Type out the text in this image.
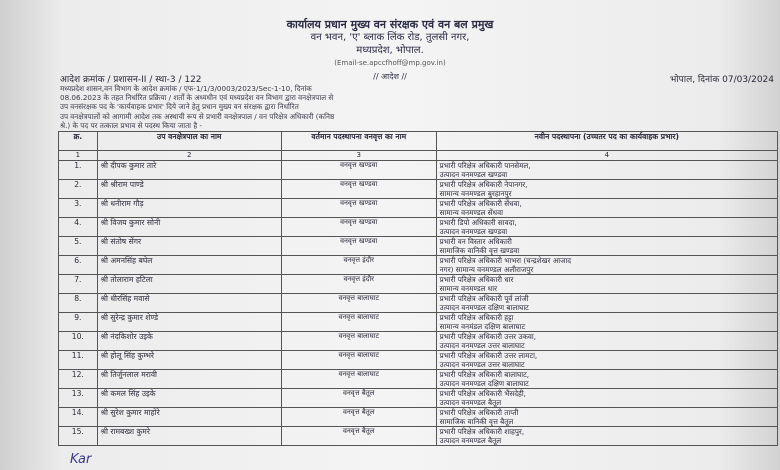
कार्यालय प्रधान मुख्य वन संरक्षक एवं वन बल प्रमुख
वन भवन, 'ए' ब्लाक लिंक रोड, तुलसी नगर,
मध्यप्रदेश, भोपाल.
(Email-se.apccfhoff@mp.gov.in)
// आदेश //
आदेश क्रमांक / प्रशासन-II / स्था-3 / 122	भोपाल, दिनांक 07/03/2024
मध्यप्रदेश शासन,वन विभाग के आदेश क्रमांक / एफ-1/1/3/0003/2023/Sec-1-10, दिनांक
08.06.2023 के तहत निर्धारित प्रक्रिया / शर्तों के अध्यधीन एवं मध्यप्रदेश वन विभाग द्वारा वनक्षेत्रपाल से
उप वनसंरक्षक पद के 'कार्यवाहक प्रभार' दिये जाने हेतु प्रधान मुख्य वन संरक्षक द्वारा निर्धारित
उप वनक्षेत्रपालों को आगामी आदेश तक अस्थायी रूप से प्रभारी वनक्षेत्रपाल / वन परिक्षेत्र अधिकारी (कनिष्ठ
श्रे.) के पद पर तत्काल प्रभाव से पदस्थ किया जाता है -
क्र.	उप वनक्षेत्रपाल का नाम	वर्तमान पदस्थापना वनवृत्त का नाम	नवीन पदस्थापना (उच्चतर पद का कार्यवाहक प्रभार)
1	2	3	4
1.	श्री दीपक कुमार तारे	वनवृत्त खण्डवा	प्रभारी परिक्षेत्र अधिकारी पानसेमल,
उत्पादन वनमण्डल खण्डवा

2.	श्री श्रीराम पाण्डे	वनवृत्त खण्डवा	प्रभारी परिक्षेत्र अधिकारी नेपानगर,
सामान्य वनमण्डल बुरहानपुर

3.	श्री धनीराम गौड़	वनवृत्त खण्डवा	प्रभारी परिक्षेत्र अधिकारी सेंधवा,
सामान्य वनमण्डल सेंधवा

4.	श्री विजय कुमार सोनी	वनवृत्त खण्डवा	प्रभारी डिपो अधिकारी सावदा,
उत्पादन वनमण्डल खण्डवा

5.	श्री संतोष सेंगर	वनवृत्त खण्डवा	प्रभारी वन विस्तार अधिकारी
सामाजिक वानिकी वृत्त खण्डवा

6.	श्री अमनसिंह बघेल	वनवृत्त इंदौर	प्रभारी परिक्षेत्र अधिकारी भाभरा (चन्द्रशेखर आजाद
नगर) सामान्य वनमण्डल अलीराजपुर

7.	श्री तोलाराम हटिला	वनवृत्त इंदौर	प्रभारी परिक्षेत्र अधिकारी धार
सामान्य वनमण्डल धार

8.	श्री धीरसिंह मवासे	वनवृत्त बालाघाट	प्रभारी परिक्षेत्र अधिकारी पूर्व लांजी
उत्पादन वनमण्डल दक्षिण बालाघाट

9.	श्री सुरेन्द्र कुमार शेण्डे	वनवृत्त बालाघाट	प्रभारी परिक्षेत्र अधिकारी हट्टा
सामान्य वनमंडल दक्षिण बालाघाट

10.	श्री नंदकिशोर उइके	वनवृत्त बालाघाट	प्रभारी परिक्षेत्र अधिकारी उत्तर उकवा,
उत्पादन वनमण्डल उत्तर बालाघाट

11.	श्री होलू सिंह कुम्भरे	वनवृत्त बालाघाट	प्रभारी परिक्षेत्र अधिकारी उत्तर लामटा,
उत्पादन वनमण्डल उत्तर बालाघाट

12.	श्री तिर्जुनलाल मरावी	वनवृत्त बालाघाट	प्रभारी परिक्षेत्र अधिकारी बालाघाट,
उत्पादन वनमण्डल दक्षिण बालाघाट

13.	श्री कमल सिंह उइके	वनवृत्त बैतूल	प्रभारी परिक्षेत्र अधिकारी भैंसदेही,
उत्पादन वनमण्डल बैतूल

14.	श्री सुरेश कुमार माहोरे	वनवृत्त बैतूल	प्रभारी परिक्षेत्र अधिकारी ताप्ती
सामाजिक वानिकी वृत्त बैतूल

15.	श्री रामबख्श कुमरे	वनवृत्त बैतूल	प्रभारी परिक्षेत्र अधिकारी शाहपुर,
उत्पादन वनमण्डल बैतूल
Kar
